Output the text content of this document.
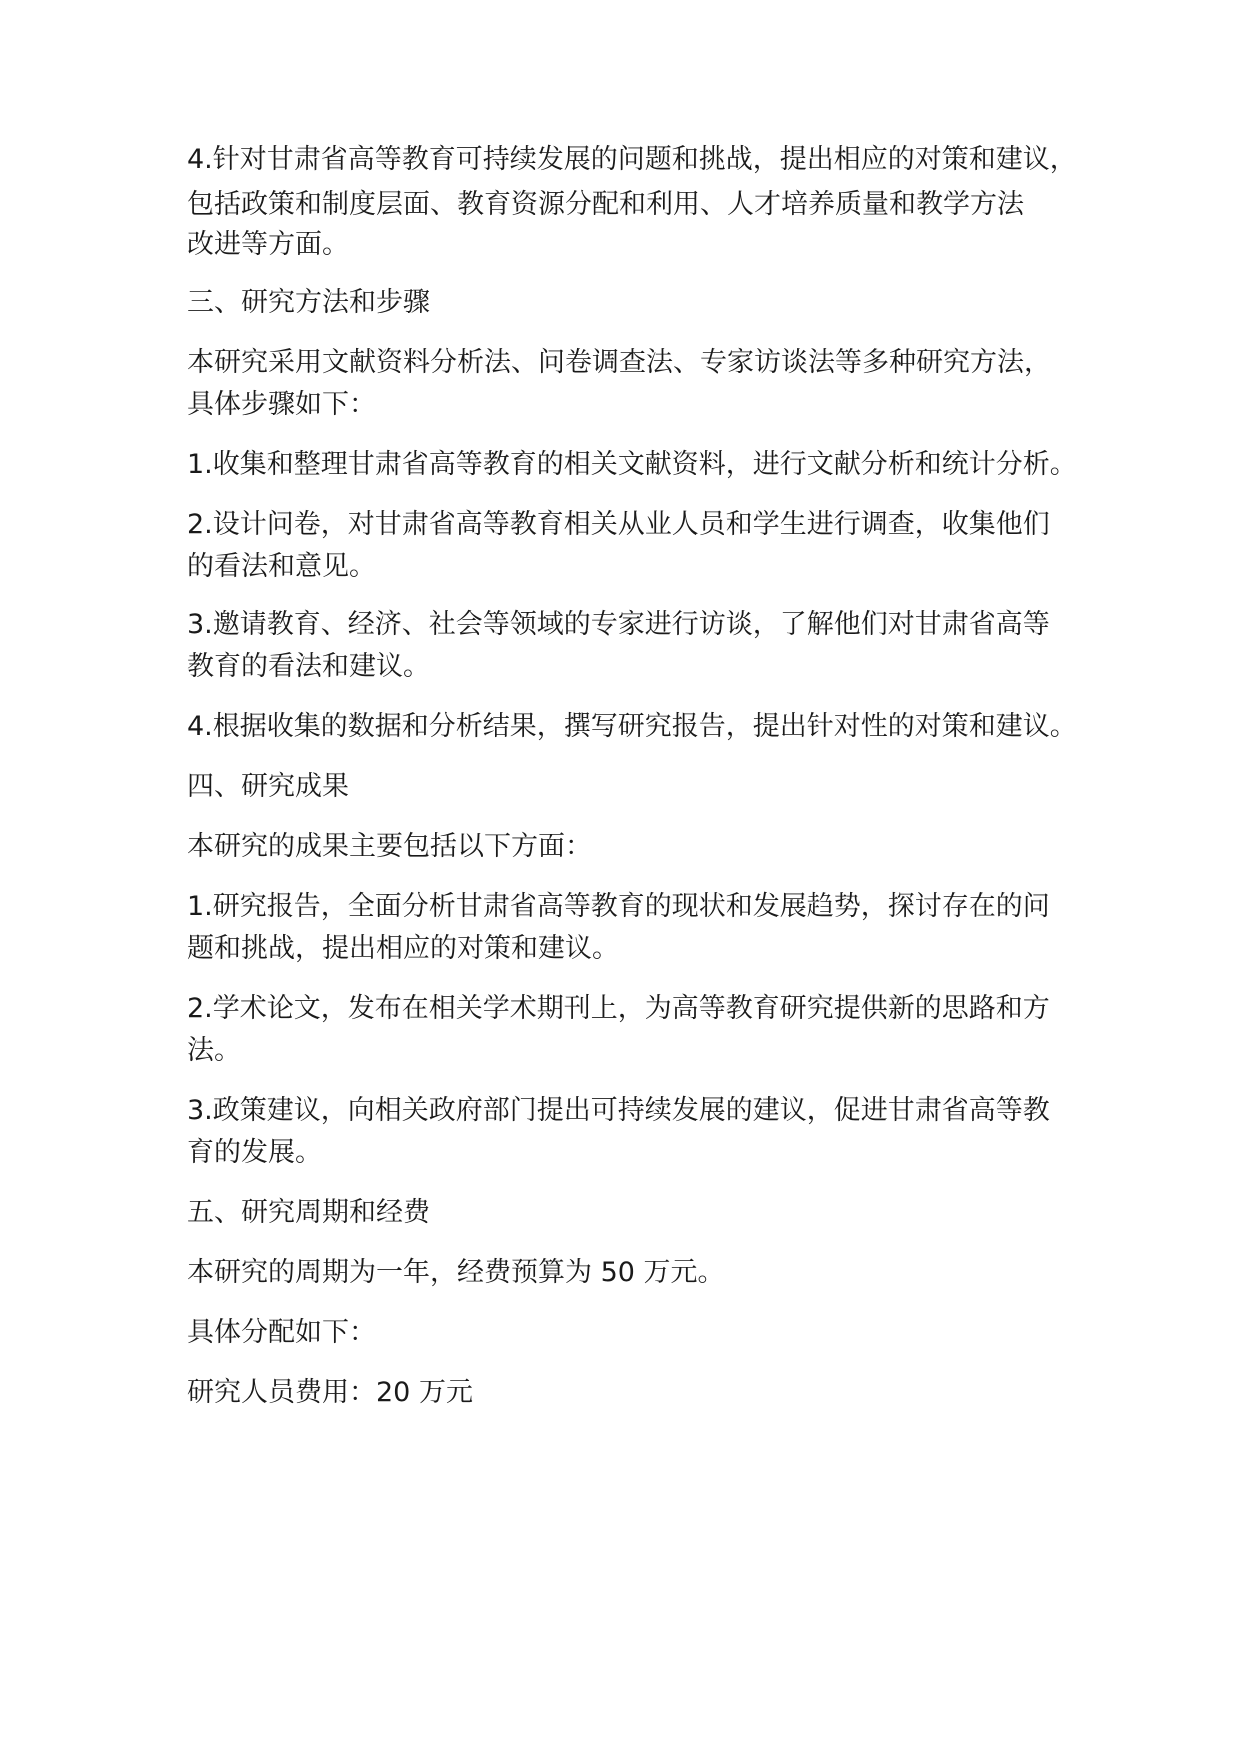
4.针对甘肃省高等教育可持续发展的问题和挑战，提出相应的对策和建议，
包括政策和制度层面、教育资源分配和利用、人才培养质量和教学方法
改进等方面。
三、研究方法和步骤
本研究采用文献资料分析法、问卷调查法、专家访谈法等多种研究方法，
具体步骤如下：
1.收集和整理甘肃省高等教育的相关文献资料，进行文献分析和统计分析。
2.设计问卷，对甘肃省高等教育相关从业人员和学生进行调查，收集他们
的看法和意见。
3.邀请教育、经济、社会等领域的专家进行访谈，了解他们对甘肃省高等
教育的看法和建议。
4.根据收集的数据和分析结果，撰写研究报告，提出针对性的对策和建议。
四、研究成果
本研究的成果主要包括以下方面：
1.研究报告，全面分析甘肃省高等教育的现状和发展趋势，探讨存在的问
题和挑战，提出相应的对策和建议。
2.学术论文，发布在相关学术期刊上，为高等教育研究提供新的思路和方
法。
3.政策建议，向相关政府部门提出可持续发展的建议，促进甘肃省高等教
育的发展。
五、研究周期和经费
本研究的周期为一年，经费预算为 50 万元。
具体分配如下：
研究人员费用：20 万元
